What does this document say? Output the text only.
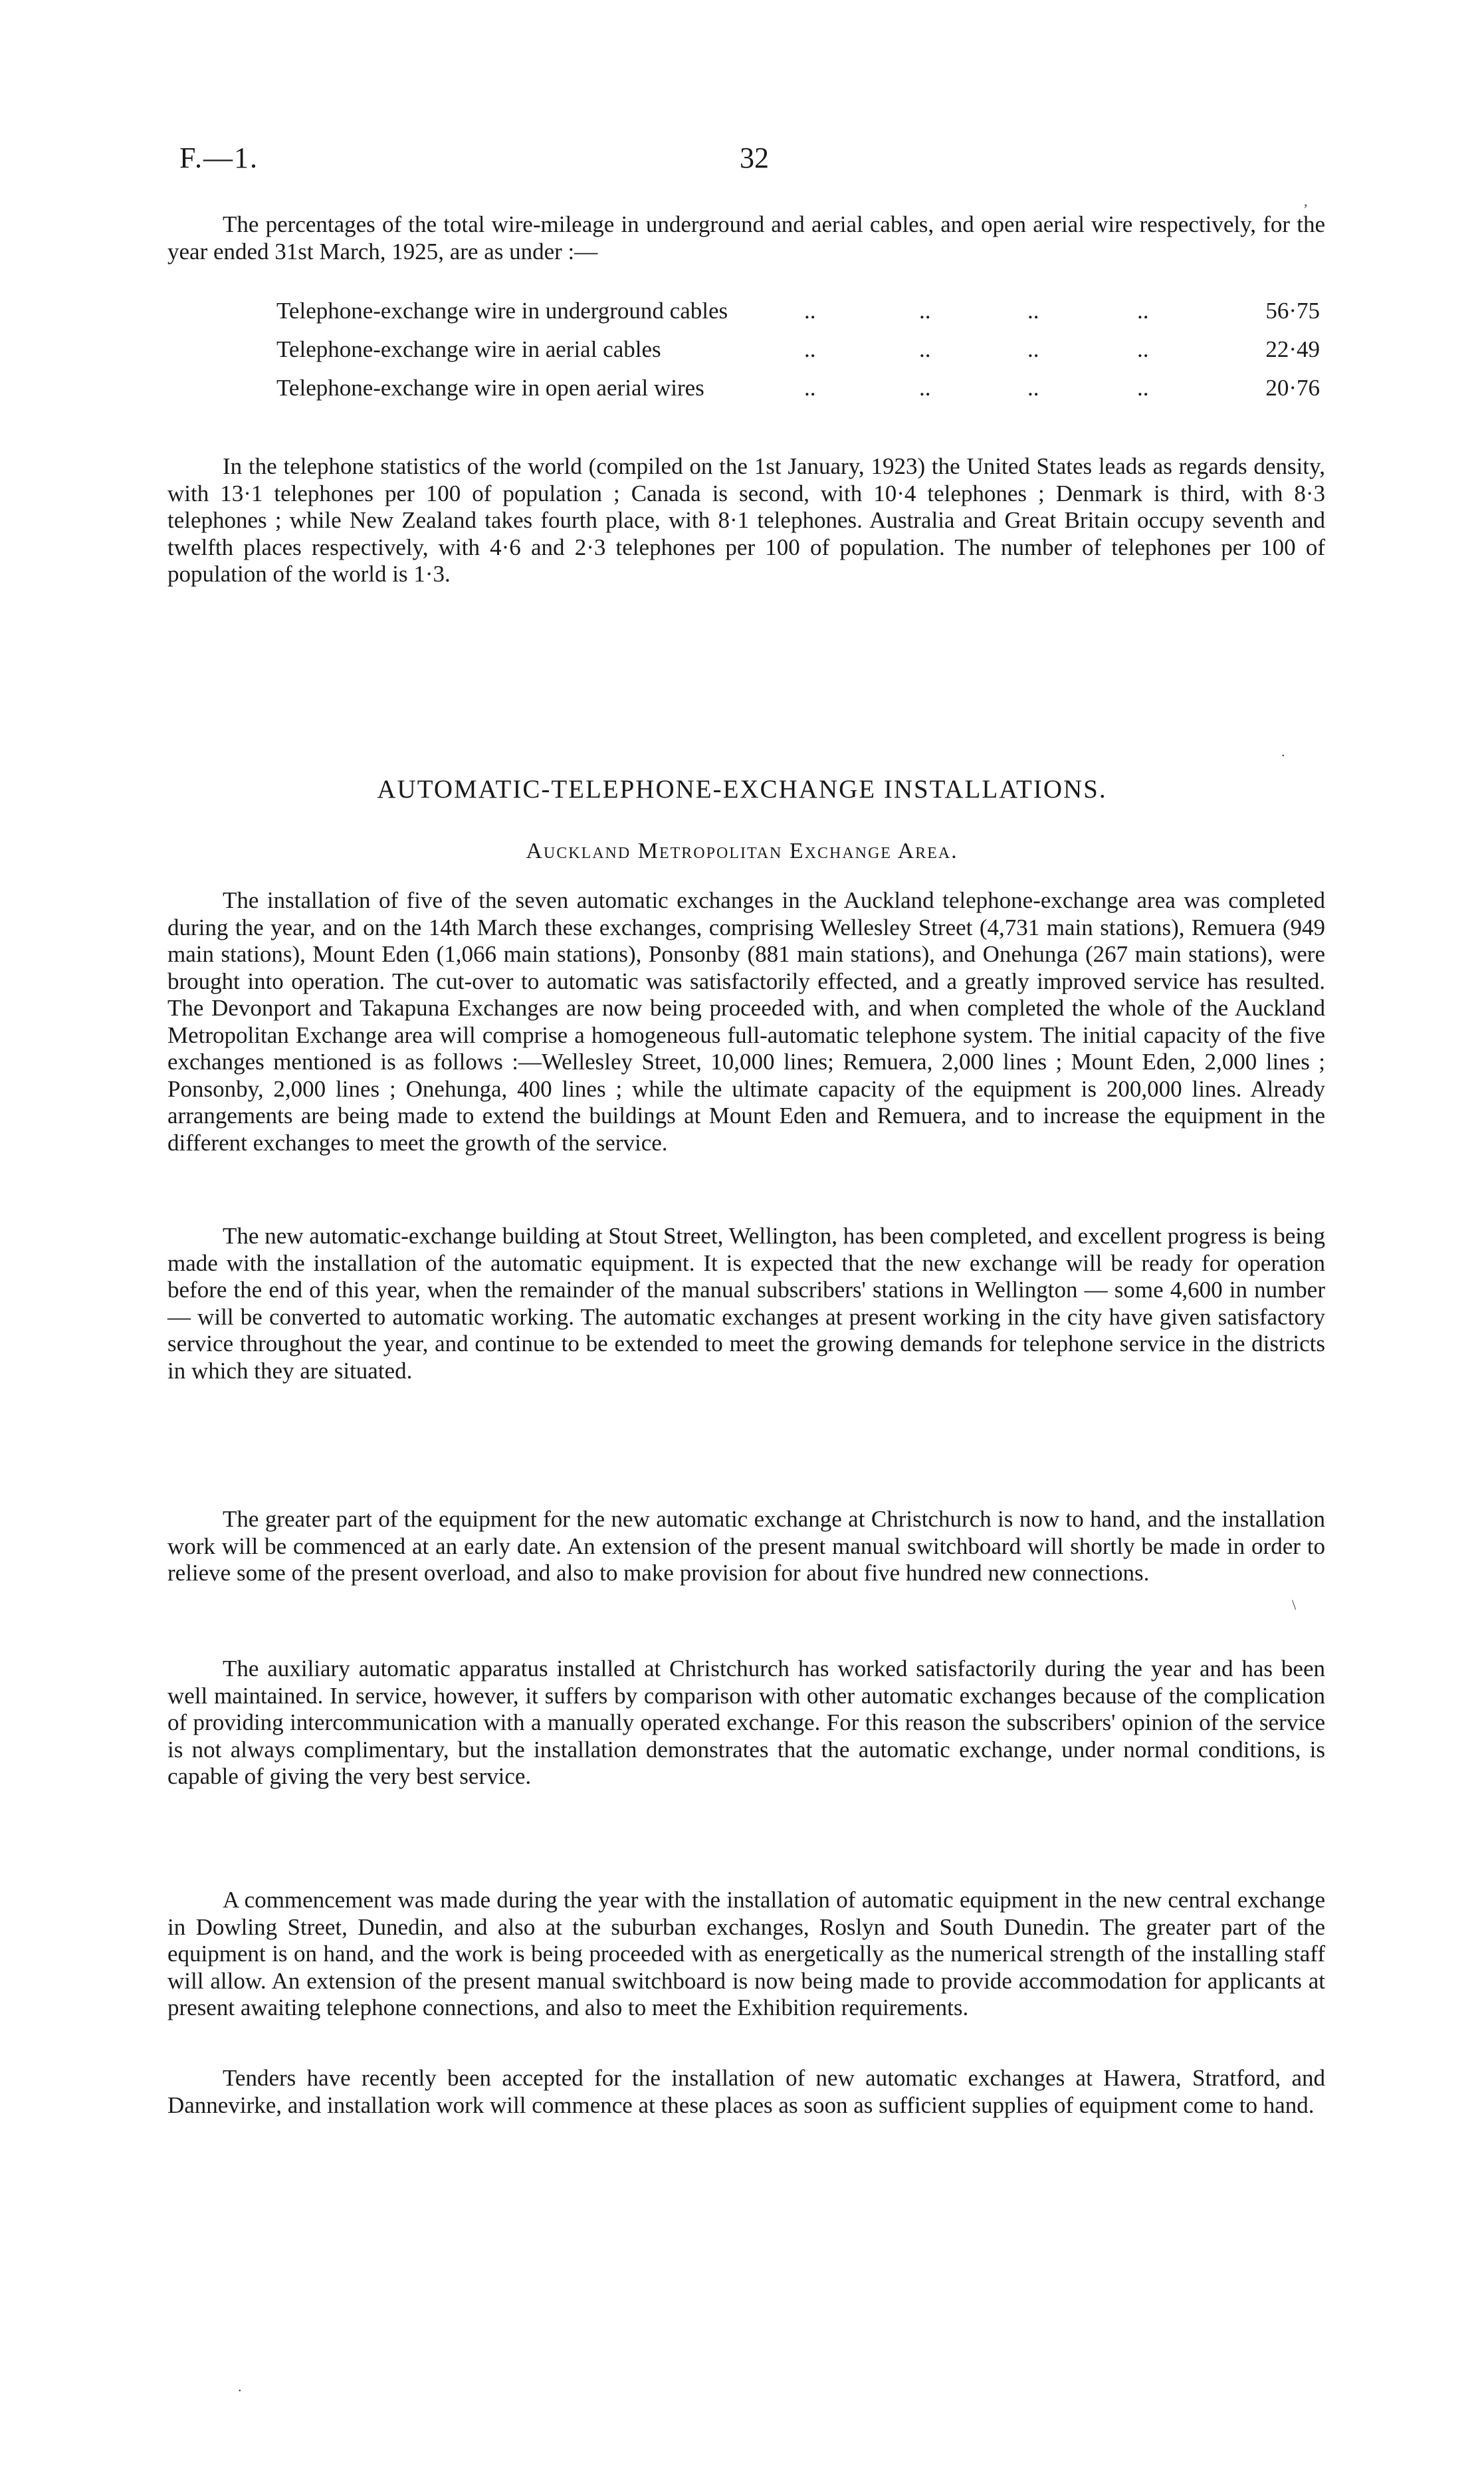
F.—1.	32
,

The percentages of the total wire-mileage in underground and aerial cables, and open aerial wire respectively, for the year ended 31st March, 1925, are as under :—

Telephone-exchange wire in underground cables	..	..	..	..	56·75
Telephone-exchange wire in aerial cables	..	..	..	..	22·49
Telephone-exchange wire in open aerial wires	..	..	..	..	20·76

In the telephone statistics of the world (compiled on the 1st January, 1923) the United States leads as regards density, with 13·1 telephones per 100 of population ; Canada is second, with 10·4 telephones ; Denmark is third, with 8·3 telephones ; while New Zealand takes fourth place, with 8·1 telephones. Australia and Great Britain occupy seventh and twelfth places respectively, with 4·6 and 2·3 telephones per 100 of population. The number of telephones per 100 of population of the world is 1·3.

.
AUTOMATIC-TELEPHONE-EXCHANGE INSTALLATIONS.
Auckland Metropolitan Exchange Area.

The installation of five of the seven automatic exchanges in the Auckland telephone-exchange area was completed during the year, and on the 14th March these exchanges, comprising Wellesley Street (4,731 main stations), Remuera (949 main stations), Mount Eden (1,066 main stations), Ponsonby (881 main stations), and Onehunga (267 main stations), were brought into operation. The cut-over to automatic was satisfactorily effected, and a greatly improved service has resulted. The Devonport and Takapuna Exchanges are now being proceeded with, and when completed the whole of the Auckland Metropolitan Exchange area will comprise a homogeneous full-automatic telephone system. The initial capacity of the five exchanges mentioned is as follows :—Wellesley Street, 10,000 lines; Remuera, 2,000 lines ; Mount Eden, 2,000 lines ; Ponsonby, 2,000 lines ; Onehunga, 400 lines ; while the ultimate capacity of the equipment is 200,000 lines. Already arrangements are being made to extend the buildings at Mount Eden and Remuera, and to increase the equipment in the different exchanges to meet the growth of the service.

The new automatic-exchange building at Stout Street, Wellington, has been completed, and excellent progress is being made with the installation of the automatic equipment. It is expected that the new exchange will be ready for operation before the end of this year, when the remainder of the manual subscribers' stations in Wellington — some 4,600 in number — will be converted to automatic working. The automatic exchanges at present working in the city have given satisfactory service throughout the year, and continue to be extended to meet the growing demands for telephone service in the districts in which they are situated.

The greater part of the equipment for the new automatic exchange at Christchurch is now to hand, and the installation work will be commenced at an early date. An extension of the present manual switchboard will shortly be made in order to relieve some of the present overload, and also to make provision for about five hundred new connections.

\

The auxiliary automatic apparatus installed at Christchurch has worked satisfactorily during the year and has been well maintained. In service, however, it suffers by comparison with other automatic exchanges because of the complication of providing intercommunication with a manually operated exchange. For this reason the subscribers' opinion of the service is not always complimentary, but the installation demonstrates that the automatic exchange, under normal conditions, is capable of giving the very best service.

A commencement was made during the year with the installation of automatic equipment in the new central exchange in Dowling Street, Dunedin, and also at the suburban exchanges, Roslyn and South Dunedin. The greater part of the equipment is on hand, and the work is being proceeded with as energetically as the numerical strength of the installing staff will allow. An extension of the present manual switchboard is now being made to provide accommodation for applicants at present awaiting telephone connections, and also to meet the Exhibition requirements.

Tenders have recently been accepted for the installation of new automatic exchanges at Hawera, Stratford, and Dannevirke, and installation work will commence at these places as soon as sufficient supplies of equipment come to hand.

.
